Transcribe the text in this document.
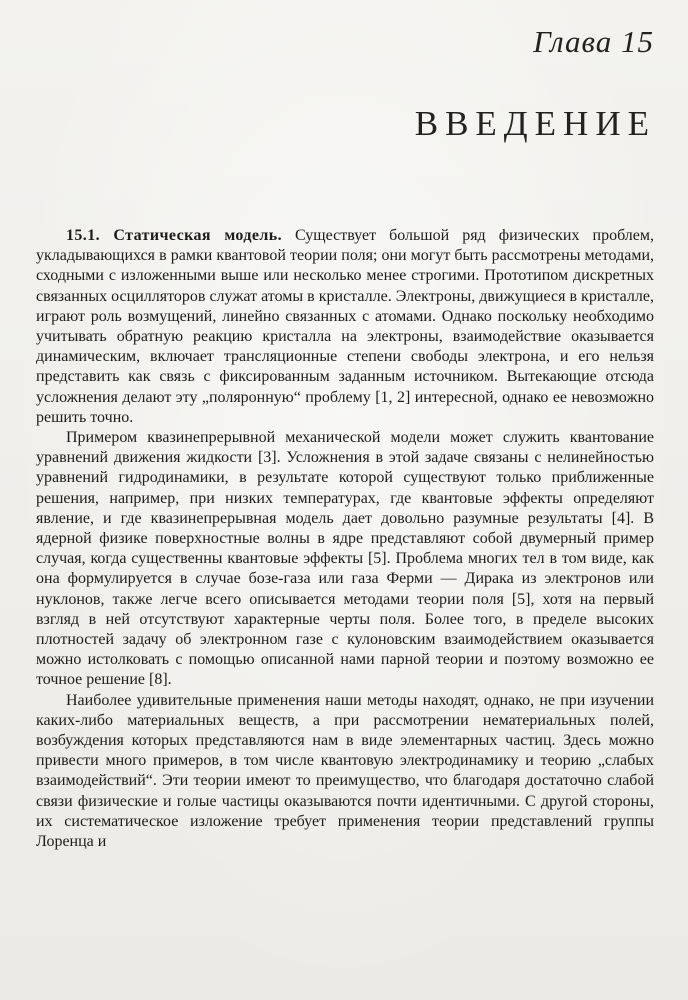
Глава 15
ВВЕДЕНИЕ

15.1. Статическая модель. Существует большой ряд физических проблем, укладывающихся в рамки квантовой теории поля; они могут быть рассмотрены методами, сходными с изложенными выше или несколько менее строгими. Прототипом дискретных связанных осцилляторов служат атомы в кристалле. Электроны, движущиеся в кристалле, играют роль возмущений, линейно связанных с атомами. Однако поскольку необходимо учитывать обратную реакцию кристалла на электроны, взаимодействие оказывается динамическим, включает трансляционные степени свободы электрона, и его нельзя представить как связь с фиксированным заданным источником. Вытекающие отсюда усложнения делают эту „поляронную“ проблему [1, 2] интересной, однако ее невозможно решить точно.

Примером квазинепрерывной механической модели может служить квантование уравнений движения жидкости [3]. Усложнения в этой задаче связаны с нелинейностью уравнений гидродинамики, в результате которой существуют только приближенные решения, например, при низких температурах, где квантовые эффекты определяют явление, и где квазинепрерывная модель дает довольно разумные результаты [4]. В ядерной физике поверхностные волны в ядре представляют собой двумерный пример случая, когда существенны квантовые эффекты [5]. Проблема многих тел в том виде, как она формулируется в случае бозе-газа или газа Ферми — Дирака из электронов или нуклонов, также легче всего описывается методами теории поля [5], хотя на первый взгляд в ней отсутствуют характерные черты поля. Более того, в пределе высоких плотностей задачу об электронном газе с кулоновским взаимодействием оказывается можно истолковать с помощью описанной нами парной теории и поэтому возможно ее точное решение [8].

Наиболее удивительные применения наши методы находят, однако, не при изучении каких-либо материальных веществ, а при рассмотрении нематериальных полей, возбуждения которых представляются нам в виде элементарных частиц. Здесь можно привести много примеров, в том числе квантовую электродинамику и теорию „слабых взаимодействий“. Эти теории имеют то преимущество, что благодаря достаточно слабой связи физические и голые частицы оказываются почти идентичными. С другой стороны, их систематическое изложение требует применения теории представлений группы Лоренца и
